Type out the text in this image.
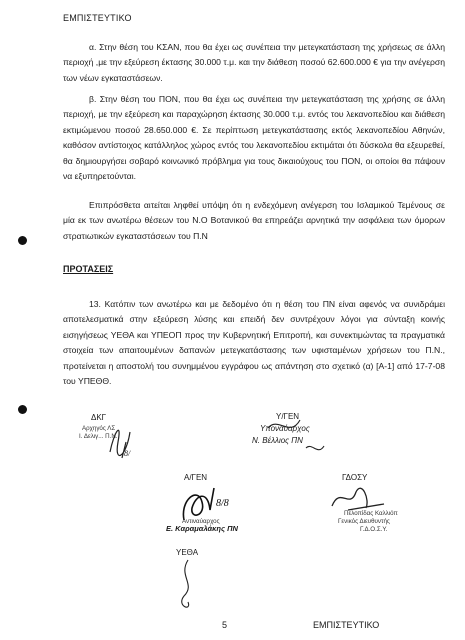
ΕΜΠΙΣΤΕΥΤΙΚΟ

α. Στην θέση του ΚΣΑΝ, που θα έχει ως συνέπεια την μετεγκατάσταση της χρήσεως σε άλλη περιοχή ,με την εξεύρεση έκτασης 30.000 τ.μ. και την διάθεση ποσού 62.600.000 € για την ανέγερση των νέων εγκαταστάσεων.

β. Στην θέση του ΠΟΝ, που θα έχει ως συνέπεια την μετεγκατάσταση της χρήσης σε άλλη περιοχή, με την εξεύρεση και παραχώρηση έκτασης 30.000 τ.μ. εντός του λεκανοπεδίου και διάθεση εκτιμώμενου ποσού 28.650.000 €. Σε περίπτωση μετεγκατάστασης εκτός λεκανοπεδίου Αθηνών, καθόσον αντίστοιχος κατάλληλος χώρος εντός του λεκανοπεδίου εκτιμάται ότι δύσκολα θα εξευρεθεί, θα δημιουργήσει σοβαρό κοινωνικό πρόβλημα για τους δικαιούχους του ΠΟΝ, οι οποίοι θα πάψουν να εξυπηρετούνται.

Επιπρόσθετα αιτείται ληφθεί υπόψη ότι η ενδεχόμενη ανέγερση του Ισλαμικού Τεμένους σε μία εκ των ανωτέρω θέσεων του Ν.Ο Βοτανικού θα επηρεάζει αρνητικά την ασφάλεια των όμορων στρατιωτικών εγκαταστάσεων του Π.Ν

ΠΡΟΤΑΣΕΙΣ

13. Κατόπιν των ανωτέρω και με δεδομένο ότι η θέση του ΠΝ είναι αφενός να συνιδράμει αποτελεσματικά στην εξεύρεση λύσης και επειδή δεν συντρέχουν λόγοι για σύνταξη κοινής εισηγήσεως ΥΕΘΑ και ΥΠΕΟΠ προς την Κυβερνητική Επιτροπή, και συνεκτιμώντας τα πραγματικά στοιχεία των απαιτουμένων δαπανών μετεγκατάστασης των υφισταμένων χρήσεων του Π.Ν., προτείνεται η αποστολή του συνημμένου εγγράφου ως απάντηση στο σχετικό (α) [Α-1] από 17-7-08 του ΥΠΕΘΘ.

ΔΚΓ
Αρχηγός ΛΣ
Ι. Δελιγ... Π.Ν.
8/
Υ/ΓΕΝ
Υποναύαρχος
Ν. Βέλλιος ΠΝ
Α/ΓΕΝ
8/8
Αντιναύαρχος
Ε. Καραμαλάκης ΠΝ
ΓΔΟΣΥ
Πελοπίδας Καλλιόπ
Γενικός Διευθυντής
Γ.Δ.Ο.Σ.Υ.
ΥΕΘΑ
5	ΕΜΠΙΣΤΕΥΤΙΚΟ
